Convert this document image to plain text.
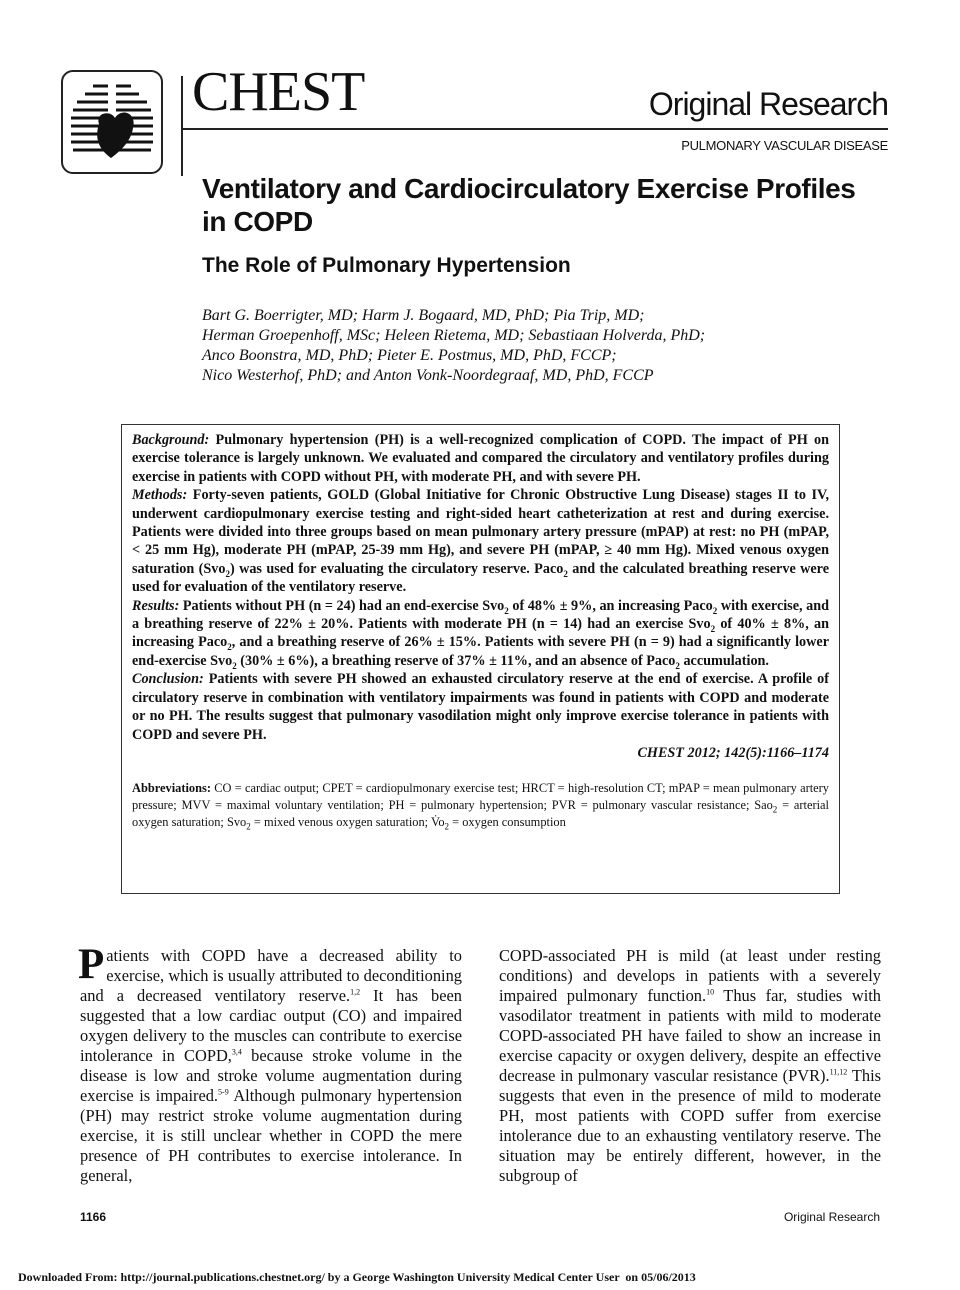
CHEST	Original Research
PULMONARY VASCULAR DISEASE
Ventilatory and Cardiocirculatory Exercise Profiles in COPD
The Role of Pulmonary Hypertension
Bart G. Boerrigter, MD; Harm J. Bogaard, MD, PhD; Pia Trip, MD;
Herman Groepenhoff, MSc; Heleen Rietema, MD; Sebastiaan Holverda, PhD;
Anco Boonstra, MD, PhD; Pieter E. Postmus, MD, PhD, FCCP;
Nico Westerhof, PhD; and Anton Vonk-Noordegraaf, MD, PhD, FCCP

Background: Pulmonary hypertension (PH) is a well-recognized complication of COPD. The impact of PH on exercise tolerance is largely unknown. We evaluated and compared the circulatory and ventilatory profiles during exercise in patients with COPD without PH, with moderate PH, and with severe PH.

Methods: Forty-seven patients, GOLD (Global Initiative for Chronic Obstructive Lung Disease) stages II to IV, underwent cardiopulmonary exercise testing and right-sided heart catheterization at rest and during exercise. Patients were divided into three groups based on mean pulmonary artery pressure (mPAP) at rest: no PH (mPAP, < 25 mm Hg), moderate PH (mPAP, 25-39 mm Hg), and severe PH (mPAP, ≥ 40 mm Hg). Mixed venous oxygen saturation (Svo$_2$) was used for evaluating the circulatory reserve. Paco$_2$ and the calculated breathing reserve were used for evaluation of the ventilatory reserve.

Results: Patients without PH (n = 24) had an end-exercise Svo$_2$ of 48% ± 9%, an increasing Paco$_2$ with exercise, and a breathing reserve of 22% ± 20%. Patients with moderate PH (n = 14) had an exercise Svo$_2$ of 40% ± 8%, an increasing Paco$_2$, and a breathing reserve of 26% ± 15%. Patients with severe PH (n = 9) had a significantly lower end-exercise Svo$_2$ (30% ± 6%), a breathing reserve of 37% ± 11%, and an absence of Paco$_2$ accumulation.

Conclusion: Patients with severe PH showed an exhausted circulatory reserve at the end of exercise. A profile of circulatory reserve in combination with ventilatory impairments was found in patients with COPD and moderate or no PH. The results suggest that pulmonary vasodilation might only improve exercise tolerance in patients with COPD and severe PH.

CHEST 2012; 142(5):1166–1174
Abbreviations: CO = cardiac output; CPET = cardiopulmonary exercise test; HRCT = high-resolution CT; mPAP = mean pulmonary artery pressure; MVV = maximal voluntary ventilation; PH = pulmonary hypertension; PVR = pulmonary vascular resistance; Sao$_2$ = arterial oxygen saturation; Svo$_2$ = mixed venous oxygen saturation; $V̇o_2$ = oxygen consumption

Patients with COPD have a decreased ability to exercise, which is usually attributed to deconditioning and a decreased ventilatory reserve.$^{1,2}$ It has been suggested that a low cardiac output (CO) and impaired oxygen delivery to the muscles can contribute to exercise intolerance in COPD,$^{3,4}$ because stroke volume in the disease is low and stroke volume augmentation during exercise is impaired.$^{5-9}$ Although pulmonary hypertension (PH) may restrict stroke volume augmentation during exercise, it is still unclear whether in COPD the mere presence of PH contributes to exercise intolerance. In general,

COPD-associated PH is mild (at least under resting conditions) and develops in patients with a severely impaired pulmonary function.$^{10}$ Thus far, studies with vasodilator treatment in patients with mild to moderate COPD-associated PH have failed to show an increase in exercise capacity or oxygen delivery, despite an effective decrease in pulmonary vascular resistance (PVR).$^{11,12}$ This suggests that even in the presence of mild to moderate PH, most patients with COPD suffer from exercise intolerance due to an exhausting ventilatory reserve. The situation may be entirely different, however, in the subgroup of

1166	Original Research
Downloaded From: http://journal.publications.chestnet.org/ by a George Washington University Medical Center User  on 05/06/2013
